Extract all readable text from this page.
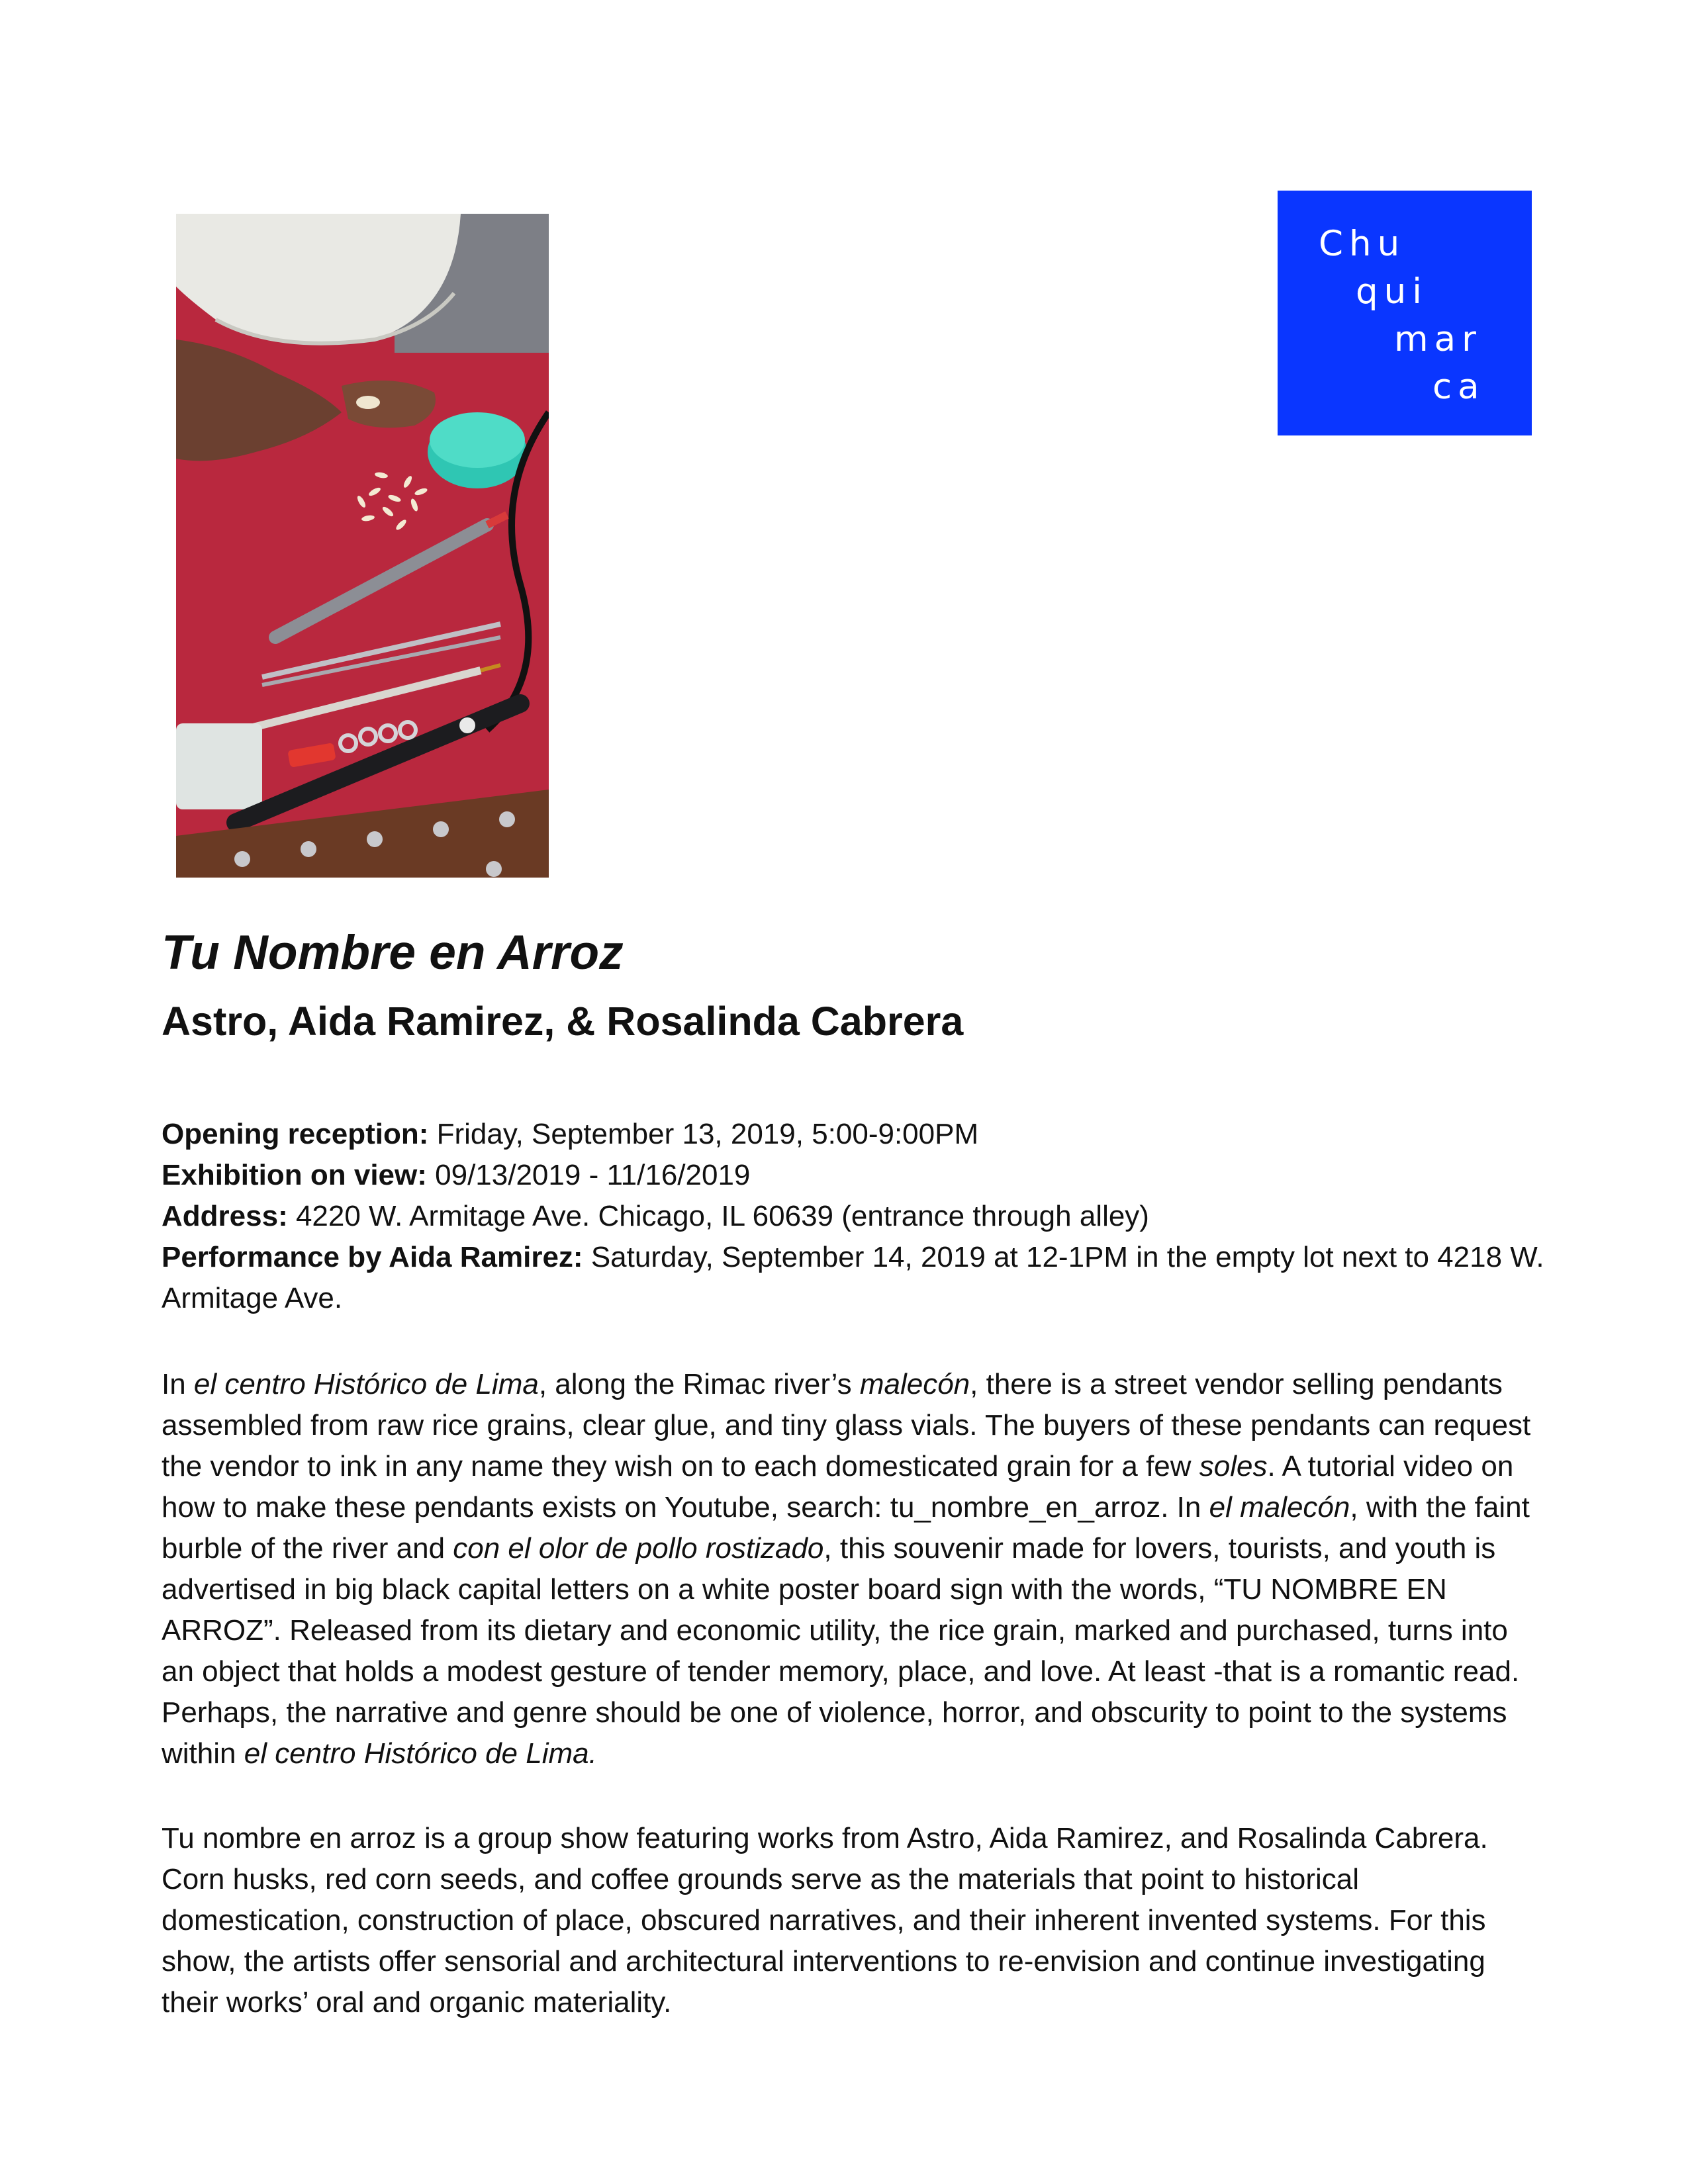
Chu
qui
mar
ca
Tu Nombre en Arroz
Astro, Aida Ramirez, & Rosalinda Cabrera

Opening reception: Friday, September 13, 2019, 5:00-9:00PM

Exhibition on view: 09/13/2019 - 11/16/2019

Address: 4220 W. Armitage Ave. Chicago, IL 60639 (entrance through alley)

Performance by Aida Ramirez: Saturday, September 14, 2019 at 12-1PM in the empty lot next to 4218 W. Armitage Ave.

In el centro Histórico de Lima, along the Rimac river’s malecón, there is a street vendor selling pendants assembled from raw rice grains, clear glue, and tiny glass vials. The buyers of these pendants can request the vendor to ink in any name they wish on to each domesticated grain for a few soles. A tutorial video on how to make these pendants exists on Youtube, search: tu_nombre_en_arroz. In el malecón, with the faint burble of the river and con el olor de pollo rostizado, this souvenir made for lovers, tourists, and youth is advertised in big black capital letters on a white poster board sign with the words, “TU NOMBRE EN ARROZ”. Released from its dietary and economic utility, the rice grain, marked and purchased, turns into an object that holds a modest gesture of tender memory, place, and love. At least -that is a romantic read. Perhaps, the narrative and genre should be one of violence, horror, and obscurity to point to the systems within el centro Histórico de Lima.

Tu nombre en arroz is a group show featuring works from Astro, Aida Ramirez, and Rosalinda Cabrera. Corn husks, red corn seeds, and coffee grounds serve as the materials that point to historical domestication, construction of place, obscured narratives, and their inherent invented systems. For this show, the artists offer sensorial and architectural interventions to re-envision and continue investigating their works’ oral and organic materiality.
